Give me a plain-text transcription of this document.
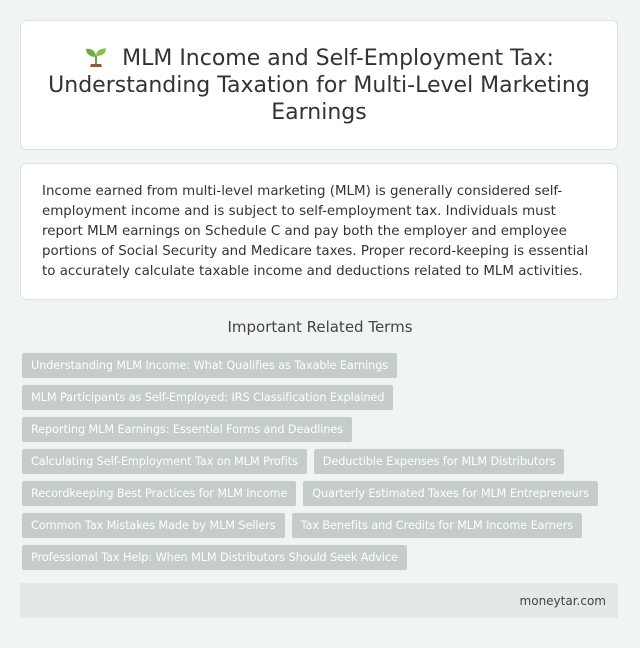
MLM Income and Self-Employment Tax: Understanding Taxation for Multi-Level Marketing Earnings

Income earned from multi-level marketing (MLM) is generally considered self-employment income and is subject to self-employment tax. Individuals must report MLM earnings on Schedule C and pay both the employer and employee portions of Social Security and Medicare taxes. Proper record-keeping is essential to accurately calculate taxable income and deductions related to MLM activities.

Important Related Terms
Understanding MLM Income: What Qualifies as Taxable Earnings
MLM Participants as Self-Employed: IRS Classification Explained
Reporting MLM Earnings: Essential Forms and Deadlines
Calculating Self-Employment Tax on MLM Profits	Deductible Expenses for MLM Distributors
Recordkeeping Best Practices for MLM Income	Quarterly Estimated Taxes for MLM Entrepreneurs
Common Tax Mistakes Made by MLM Sellers	Tax Benefits and Credits for MLM Income Earners
Professional Tax Help: When MLM Distributors Should Seek Advice
moneytar.com
